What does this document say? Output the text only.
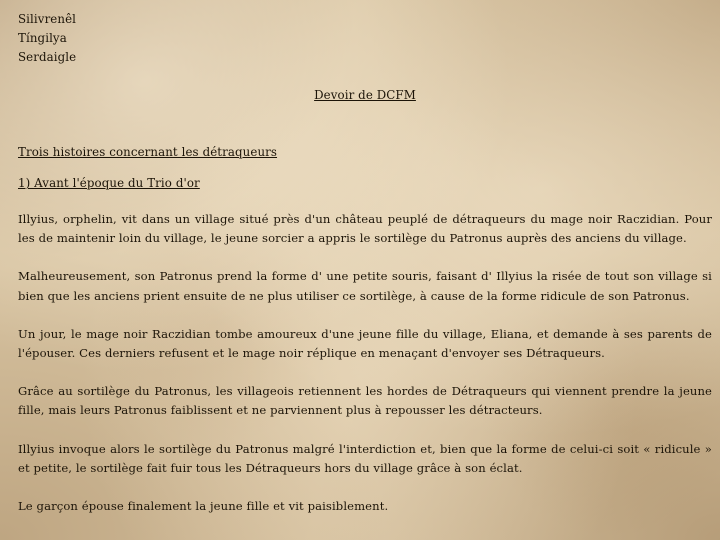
Silivrenêl
Tíngilya
Serdaigle
Devoir de DCFM
Trois histoires concernant les détraqueurs
1) Avant l'époque du Trio d'or

Illyius, orphelin, vit dans un village situé près d'un château peuplé de détraqueurs du mage noir Raczidian. Pour les de maintenir loin du village, le jeune sorcier a appris le sortilège du Patronus auprès des anciens du village.

Malheureusement, son Patronus prend la forme d' une petite souris, faisant d' Illyius la risée de tout son village si bien que les anciens prient ensuite de ne plus utiliser ce sortilège, à cause de la forme ridicule de son Patronus.

Un jour, le mage noir Raczidian tombe amoureux d'une jeune fille du village, Eliana, et demande à ses parents de l'épouser. Ces derniers refusent et le mage noir réplique en menaçant d'envoyer ses Détraqueurs.

Grâce au sortilège du Patronus, les villageois retiennent les hordes de Détraqueurs qui viennent prendre la jeune fille, mais leurs Patronus faiblissent et ne parviennent plus à repousser les détracteurs.

Illyius invoque alors le sortilège du Patronus malgré l'interdiction et, bien que la forme de celui-ci soit « ridicule » et petite, le sortilège fait fuir tous les Détraqueurs hors du village grâce à son éclat.

Le garçon épouse finalement la jeune fille et vit paisiblement.
